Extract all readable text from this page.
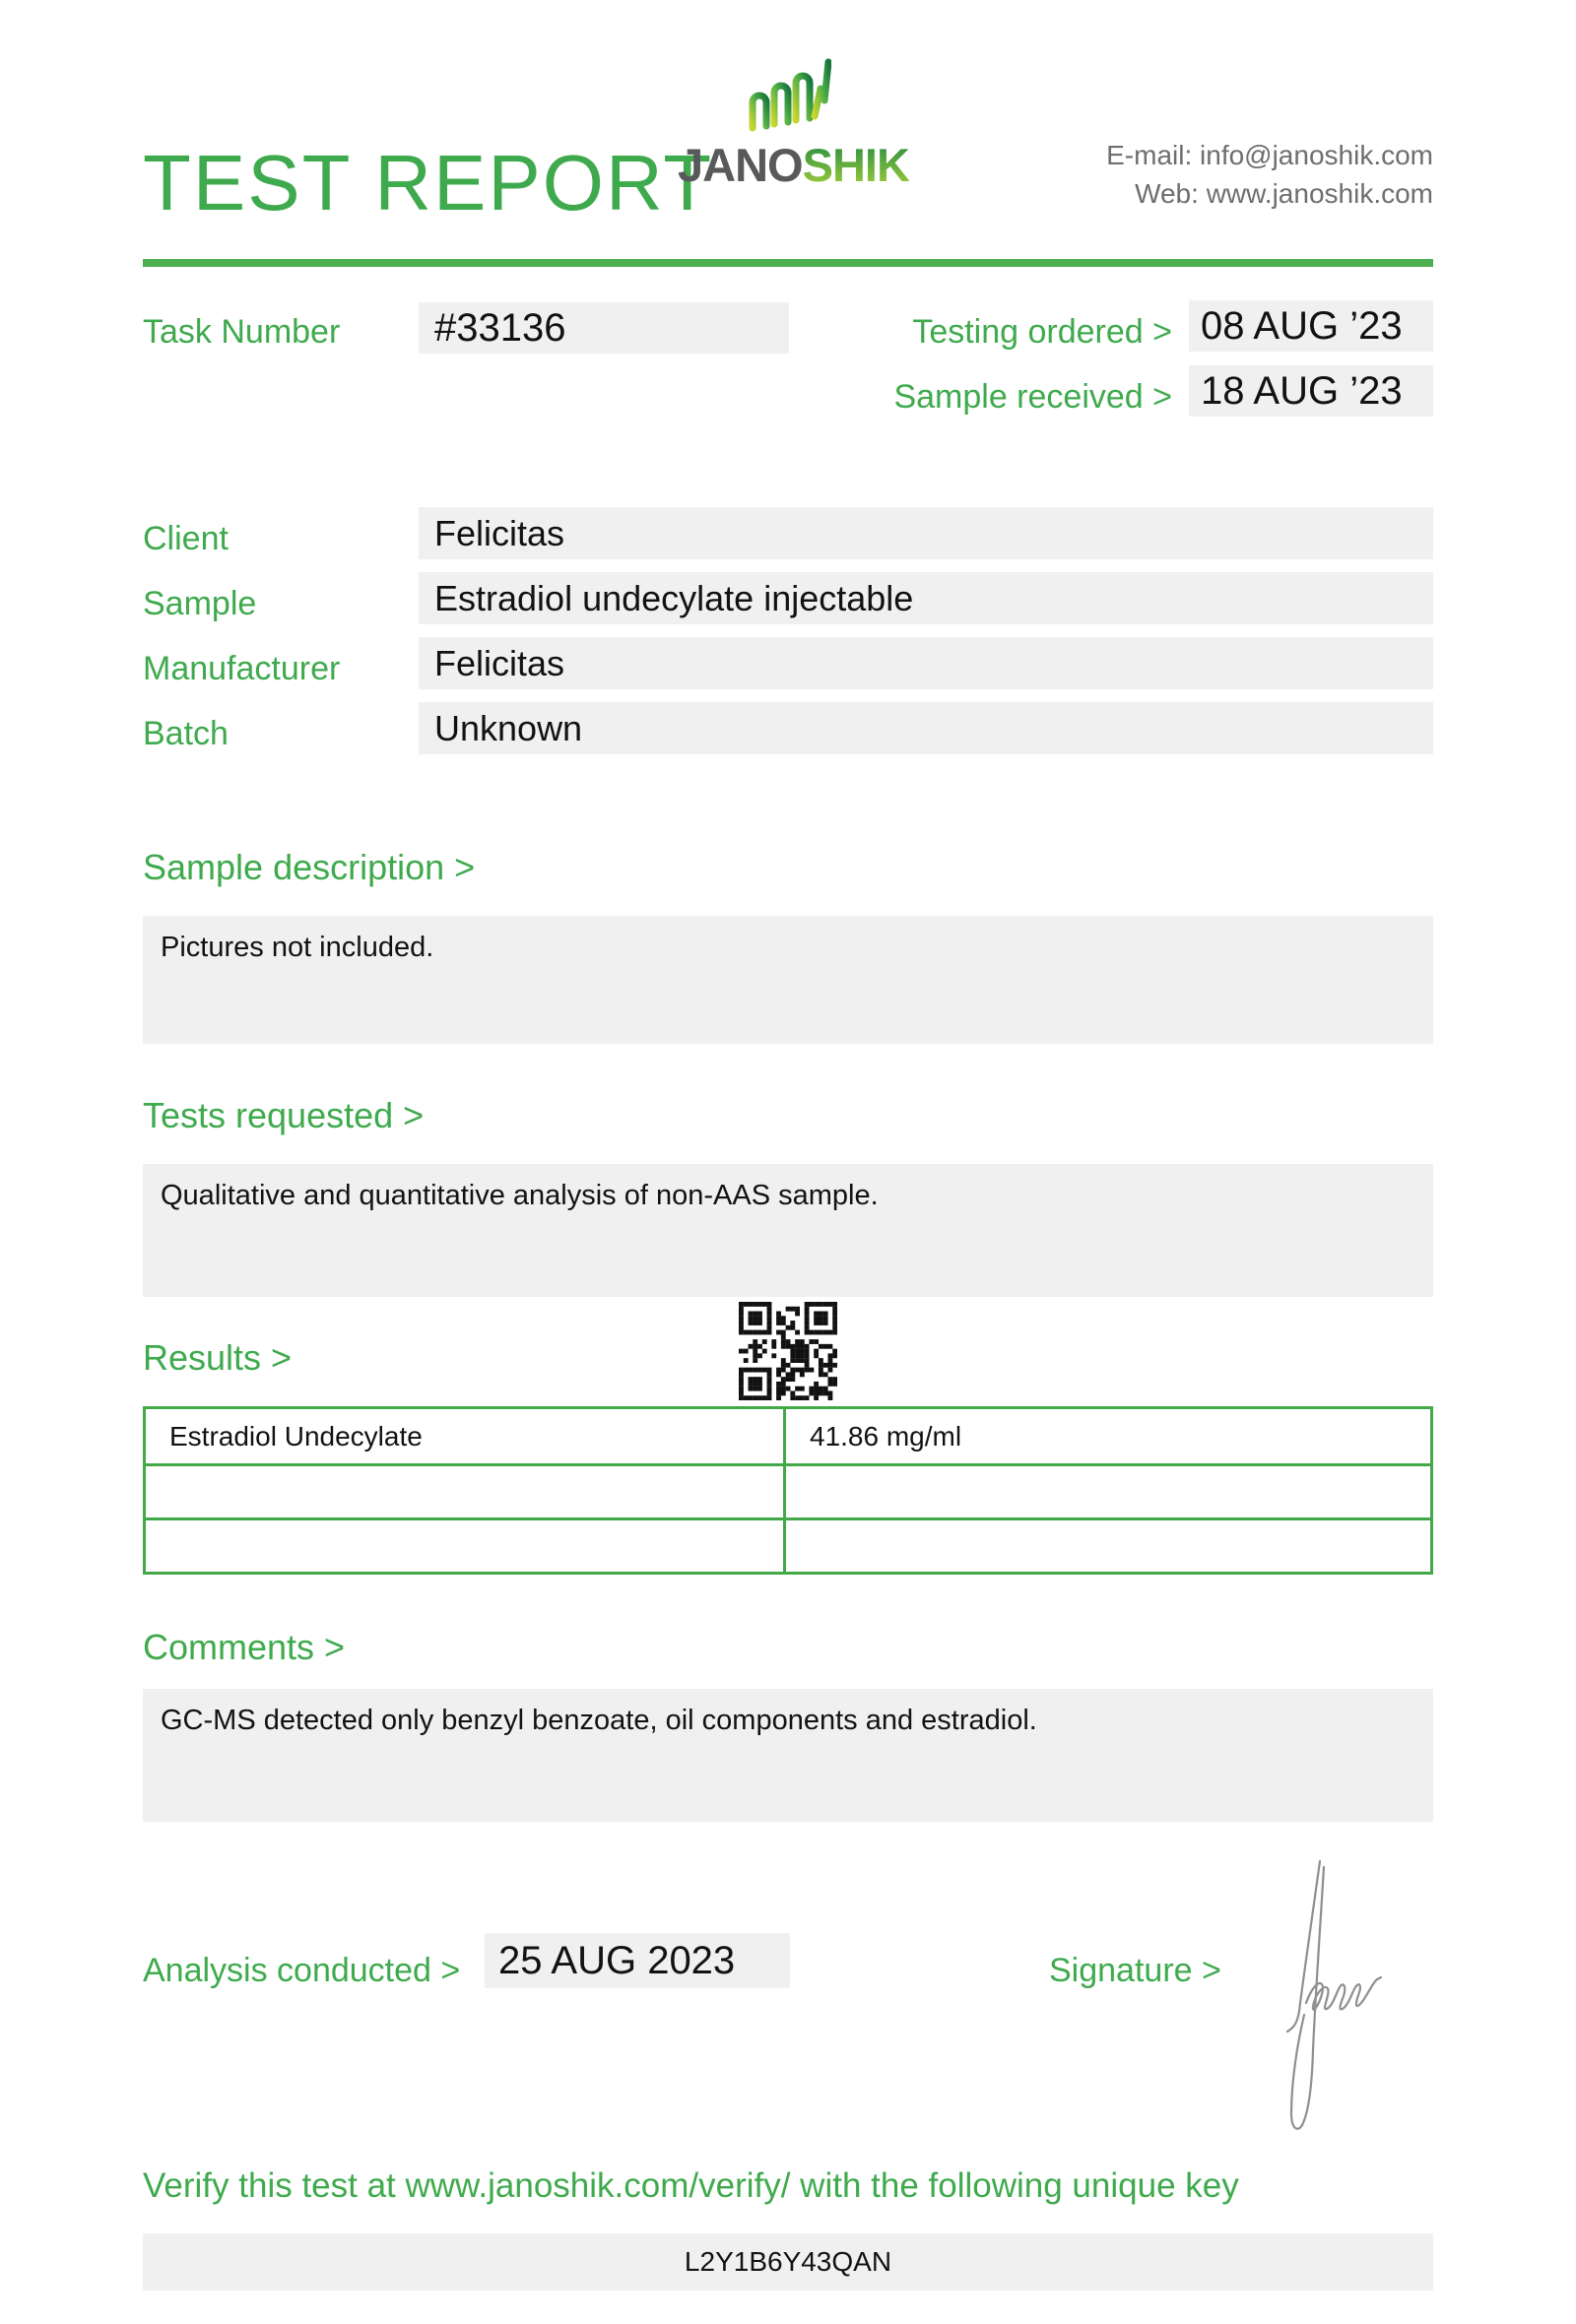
TEST REPORT
JANOSHIK	E-mail: info@janoshik.com
Web: www.janoshik.com
Task Number #33136	Testing ordered > 08 AUG ’23
Sample received > 18 AUG ’23
Client	Felicitas
Sample	Estradiol undecylate injectable
Manufacturer	Felicitas
Batch	Unknown
Sample description >
Pictures not included.
Tests requested >
Qualitative and quantitative analysis of non-AAS sample.
Results >
Estradiol Undecylate	41.86 mg/ml
Comments >
GC-MS detected only benzyl benzoate, oil components and estradiol.
Analysis conducted > 25 AUG 2023	Signature >
Verify this test at www.janoshik.com/verify/ with the following unique key
L2Y1B6Y43QAN
